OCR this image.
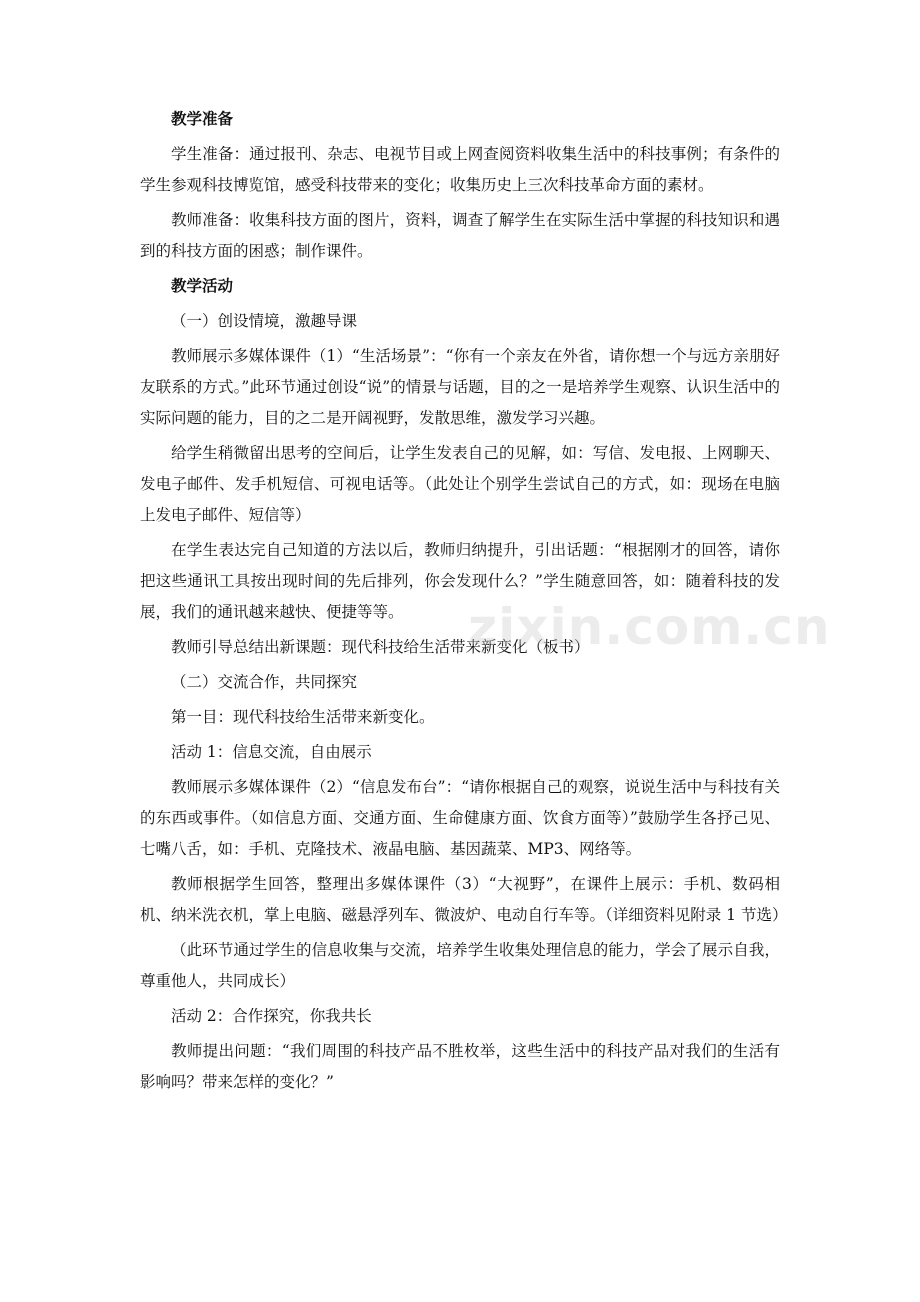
教学准备

学生准备：通过报刊、杂志、电视节目或上网查阅资料收集生活中的科技事例；有条件的学生参观科技博览馆，感受科技带来的变化；收集历史上三次科技革命方面的素材。

教师准备：收集科技方面的图片，资料，调查了解学生在实际生活中掌握的科技知识和遇到的科技方面的困惑；制作课件。

教学活动

（一）创设情境，激趣导课

教师展示多媒体课件（1）“生活场景”：“你有一个亲友在外省，请你想一个与远方亲朋好友联系的方式。”此环节通过创设“说”的情景与话题，目的之一是培养学生观察、认识生活中的实际问题的能力，目的之二是开阔视野，发散思维，激发学习兴趣。

给学生稍微留出思考的空间后，让学生发表自己的见解，如：写信、发电报、上网聊天、发电子邮件、发手机短信、可视电话等。（此处让个别学生尝试自己的方式，如：现场在电脑上发电子邮件、短信等）

在学生表达完自己知道的方法以后，教师归纳提升，引出话题：“根据刚才的回答，请你把这些通讯工具按出现时间的先后排列，你会发现什么？”学生随意回答，如：随着科技的发展，我们的通讯越来越快、便捷等等。

教师引导总结出新课题：现代科技给生活带来新变化（板书）

（二）交流合作，共同探究

第一目：现代科技给生活带来新变化。

活动 1：信息交流，自由展示

教师展示多媒体课件（2）“信息发布台”：“请你根据自己的观察，说说生活中与科技有关的东西或事件。（如信息方面、交通方面、生命健康方面、饮食方面等）”鼓励学生各抒己见、七嘴八舌，如：手机、克隆技术、液晶电脑、基因蔬菜、MP3、网络等。

教师根据学生回答，整理出多媒体课件（3）“大视野”，在课件上展示：手机、数码相机、纳米洗衣机，掌上电脑、磁悬浮列车、微波炉、电动自行车等。（详细资料见附录 1 节选）

（此环节通过学生的信息收集与交流，培养学生收集处理信息的能力，学会了展示自我，尊重他人，共同成长）

活动 2：合作探究，你我共长

教师提出问题：“我们周围的科技产品不胜枚举，这些生活中的科技产品对我们的生活有影响吗？带来怎样的变化？”

zixin.com.cn
